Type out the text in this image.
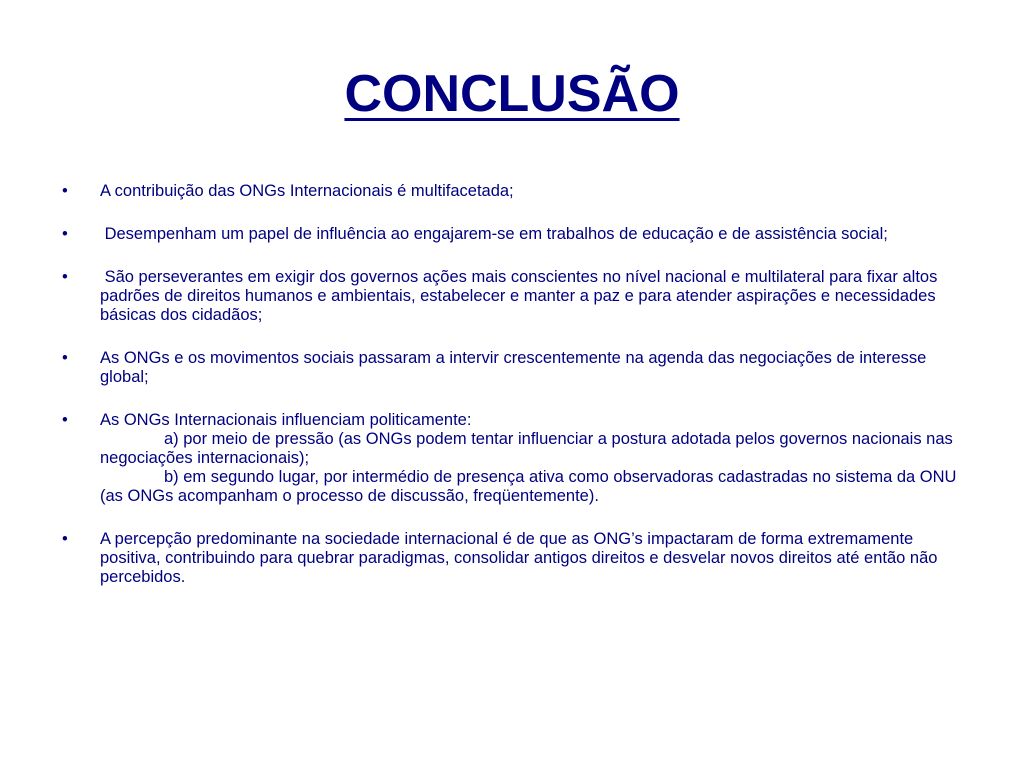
CONCLUSÃO
• A contribuição das ONGs Internacionais é multifacetada;
• Desempenham um papel de influência ao engajarem-se em trabalhos de educação e de assistência social;
• São perseverantes em exigir dos governos ações mais conscientes no nível nacional e multilateral para fixar altos padrões de direitos humanos e ambientais, estabelecer e manter a paz e para atender aspirações e necessidades básicas dos cidadãos;
• As ONGs e os movimentos sociais passaram a intervir crescentemente na agenda das negociações de interesse global;
• As ONGs Internacionais influenciam politicamente:
a) por meio de pressão (as ONGs podem tentar influenciar a postura adotada pelos governos nacionais nas negociações internacionais);
b) em segundo lugar, por intermédio de presença ativa como observadoras cadastradas no sistema da ONU (as ONGs acompanham o processo de discussão, freqüentemente).
• A percepção predominante na sociedade internacional é de que as ONG’s impactaram de forma extremamente positiva, contribuindo para quebrar paradigmas, consolidar antigos direitos e desvelar novos direitos até então não percebidos.
